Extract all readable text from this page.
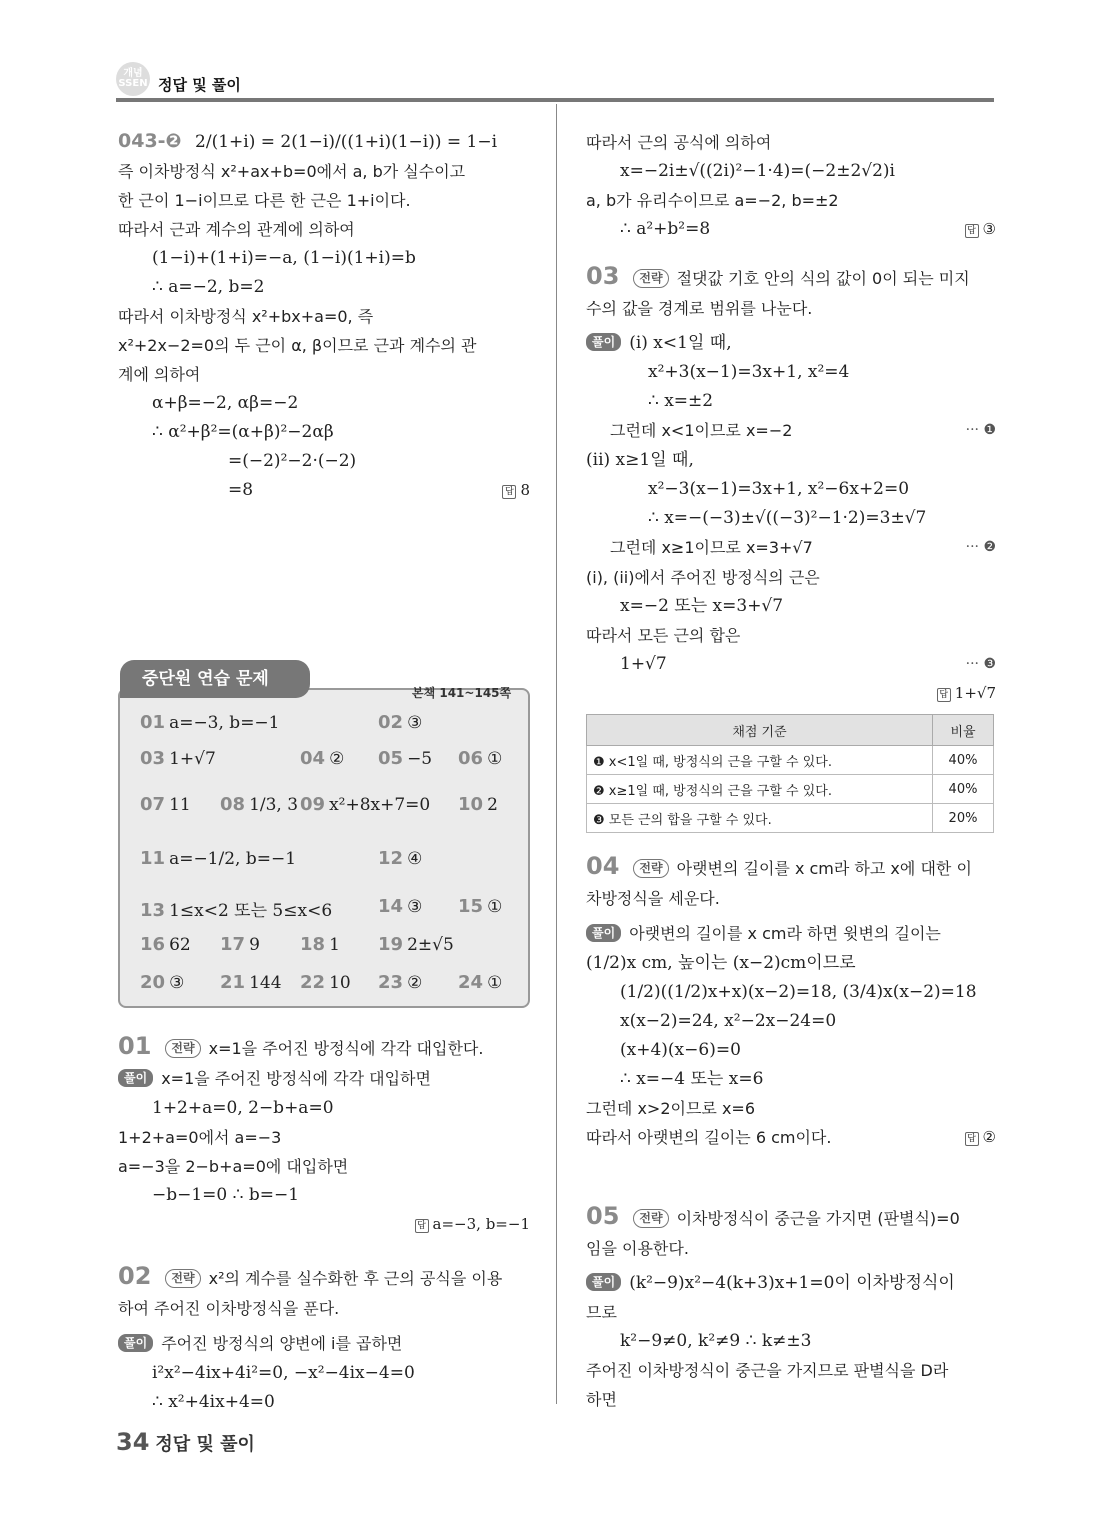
개념SSEN 정답 및 풀이
043-❷ 2/(1+i) = 2(1−i)/((1+i)(1−i)) = 1−i
즉 이차방정식 x²+ax+b=0에서 a, b가 실수이고
한 근이 1−i이므로 다른 한 근은 1+i이다.
따라서 근과 계수의 관계에 의하여
(1−i)+(1+i)=−a, (1−i)(1+i)=b
∴ a=−2, b=2
따라서 이차방정식 x²+bx+a=0, 즉
x²+2x−2=0의 두 근이 α, β이므로 근과 계수의 관
계에 의하여
α+β=−2, αβ=−2
∴ α²+β²=(α+β)²−2αβ
=(−2)²−2·(−2)
=8	답 8
중단원 연습 문제
본책 141~145쪽
01 a=−3, b=−1	02 ③
03 1+√7	04 ② 05 −5 06 ①
07 11 08 1/3, 3 09 x²+8x+7=0 10 2
11 a=−1/2, b=−1	12 ④
13 1≤x<2 또는 5≤x<6	14 ③ 15 ①
16 62 17 9 18 1 19 2±√5
20 ③ 21 144 22 10 23 ② 24 ①
01 전략 x=1을 주어진 방정식에 각각 대입한다.
풀이 x=1을 주어진 방정식에 각각 대입하면
1+2+a=0, 2−b+a=0
1+2+a=0에서 a=−3
a=−3을 2−b+a=0에 대입하면
−b−1=0 ∴ b=−1
답 a=−3, b=−1
02 전략 x²의 계수를 실수화한 후 근의 공식을 이용
하여 주어진 이차방정식을 푼다.
풀이 주어진 방정식의 양변에 i를 곱하면
i²x²−4ix+4i²=0, −x²−4ix−4=0
∴ x²+4ix+4=0
따라서 근의 공식에 의하여
x=−2i±√((2i)²−1·4)=(−2±2√2)i
a, b가 유리수이므로 a=−2, b=±2
∴ a²+b²=8	답 ③
03 전략 절댓값 기호 안의 식의 값이 0이 되는 미지
수의 값을 경계로 범위를 나눈다.
풀이 (i) x<1일 때,
x²+3(x−1)=3x+1, x²=4
∴ x=±2
그런데 x<1이므로 x=−2	··· ❶
(ii) x≥1일 때,
x²−3(x−1)=3x+1, x²−6x+2=0
∴ x=−(−3)±√((−3)²−1·2)=3±√7
그런데 x≥1이므로 x=3+√7	··· ❷
(i), (ii)에서 주어진 방정식의 근은
x=−2 또는 x=3+√7
따라서 모든 근의 합은
1+√7	··· ❸
답 1+√7
채점 기준	비율
❶ x<1일 때, 방정식의 근을 구할 수 있다.	40%
❷ x≥1일 때, 방정식의 근을 구할 수 있다.	40%
❸ 모든 근의 합을 구할 수 있다.	20%
04 전략 아랫변의 길이를 x cm라 하고 x에 대한 이
차방정식을 세운다.
풀이 아랫변의 길이를 x cm라 하면 윗변의 길이는
(1/2)x cm, 높이는 (x−2)cm이므로
(1/2)((1/2)x+x)(x−2)=18, (3/4)x(x−2)=18
x(x−2)=24, x²−2x−24=0
(x+4)(x−6)=0
∴ x=−4 또는 x=6
그런데 x>2이므로 x=6
따라서 아랫변의 길이는 6 cm이다.	답 ②
05 전략 이차방정식이 중근을 가지면 (판별식)=0
임을 이용한다.
풀이 (k²−9)x²−4(k+3)x+1=0이 이차방정식이
므로
k²−9≠0, k²≠9 ∴ k≠±3
주어진 이차방정식이 중근을 가지므로 판별식을 D라
하면
34 정답 및 풀이
